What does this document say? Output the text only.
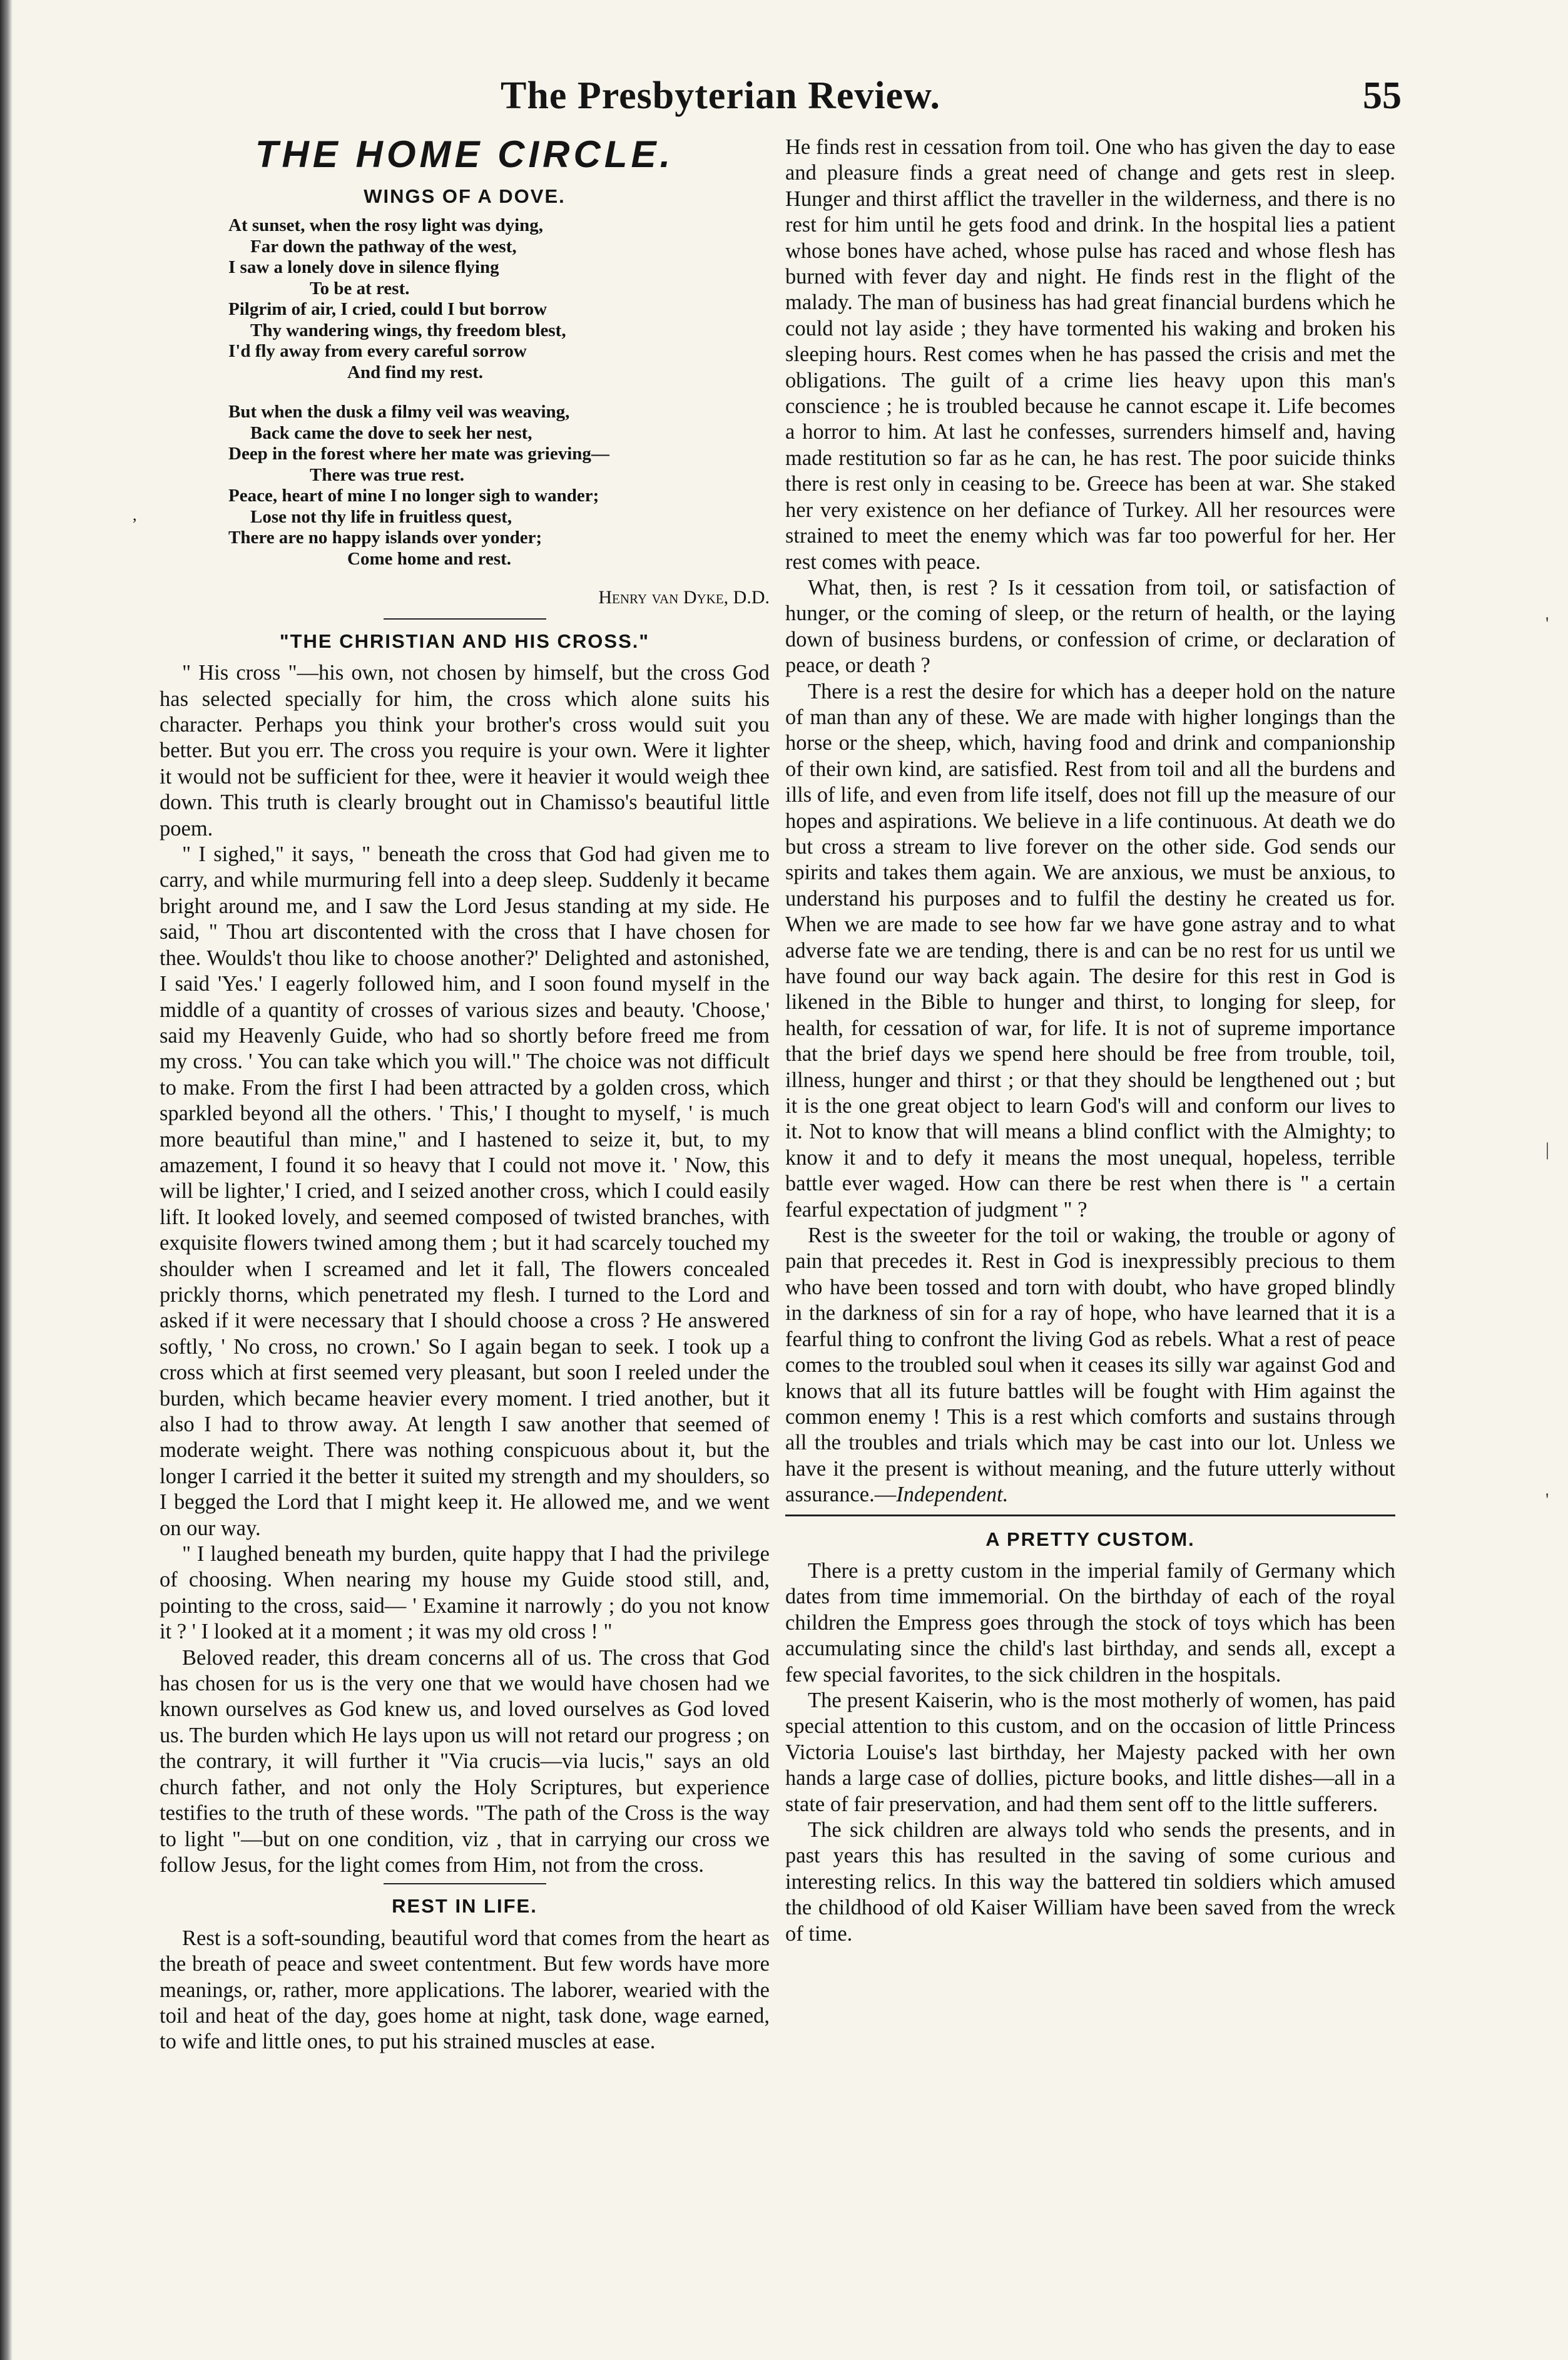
The Presbyterian Review.	55
,
THE HOME CIRCLE.
WINGS OF A DOVE.
At sunset, when the rosy light was dying,
Far down the pathway of the west,
I saw a lonely dove in silence flying
To be at rest.
Pilgrim of air, I cried, could I but borrow
Thy wandering wings, thy freedom blest,
I'd fly away from every careful sorrow
And find my rest.
But when the dusk a filmy veil was weaving,
Back came the dove to seek her nest,
Deep in the forest where her mate was grieving—
There was true rest.
Peace, heart of mine I no longer sigh to wander;
Lose not thy life in fruitless quest,
There are no happy islands over yonder;
Come home and rest.
Henry van Dyke, D.D.
"THE CHRISTIAN AND HIS CROSS."

" His cross "—his own, not chosen by himself, but the cross God has selected specially for him, the cross which alone suits his character. Perhaps you think your brother's cross would suit you better. But you err. The cross you require is your own. Were it lighter it would not be sufficient for thee, were it heavier it would weigh thee down. This truth is clearly brought out in Chamisso's beautiful little poem.

" I sighed," it says, " beneath the cross that God had given me to carry, and while murmuring fell into a deep sleep. Suddenly it became bright around me, and I saw the Lord Jesus standing at my side. He said, " Thou art discontented with the cross that I have chosen for thee. Woulds't thou like to choose another?' Delighted and astonished, I said 'Yes.' I eagerly followed him, and I soon found myself in the middle of a quantity of crosses of various sizes and beauty. 'Choose,' said my Heavenly Guide, who had so shortly before freed me from my cross. ' You can take which you will." The choice was not difficult to make. From the first I had been attracted by a golden cross, which sparkled beyond all the others. ' This,' I thought to myself, ' is much more beautiful than mine," and I hastened to seize it, but, to my amazement, I found it so heavy that I could not move it. ' Now, this will be lighter,' I cried, and I seized another cross, which I could easily lift. It looked lovely, and seemed composed of twisted branches, with exquisite flowers twined among them ; but it had scarcely touched my shoulder when I screamed and let it fall, The flowers concealed prickly thorns, which penetrated my flesh. I turned to the Lord and asked if it were necessary that I should choose a cross ? He answered softly, ' No cross, no crown.' So I again began to seek. I took up a cross which at first seemed very pleasant, but soon I reeled under the burden, which became heavier every moment. I tried another, but it also I had to throw away. At length I saw another that seemed of moderate weight. There was nothing conspicuous about it, but the longer I carried it the better it suited my strength and my shoulders, so I begged the Lord that I might keep it. He allowed me, and we went on our way.

" I laughed beneath my burden, quite happy that I had the privilege of choosing. When nearing my house my Guide stood still, and, pointing to the cross, said— ' Examine it narrowly ; do you not know it ? ' I looked at it a moment ; it was my old cross ! "

Beloved reader, this dream concerns all of us. The cross that God has chosen for us is the very one that we would have chosen had we known ourselves as God knew us, and loved ourselves as God loved us. The burden which He lays upon us will not retard our progress ; on the contrary, it will further it "Via crucis—via lucis," says an old church father, and not only the Holy Scriptures, but experience testifies to the truth of these words. "The path of the Cross is the way to light "—but on one condition, viz , that in carrying our cross we follow Jesus, for the light comes from Him, not from the cross.

REST IN LIFE.

Rest is a soft-sounding, beautiful word that comes from the heart as the breath of peace and sweet contentment. But few words have more meanings, or, rather, more applications. The laborer, wearied with the toil and heat of the day, goes home at night, task done, wage earned, to wife and little ones, to put his strained muscles at ease.

He finds rest in cessation from toil. One who has given the day to ease and pleasure finds a great need of change and gets rest in sleep. Hunger and thirst afflict the traveller in the wilderness, and there is no rest for him until he gets food and drink. In the hospital lies a patient whose bones have ached, whose pulse has raced and whose flesh has burned with fever day and night. He finds rest in the flight of the malady. The man of business has had great financial burdens which he could not lay aside ; they have tormented his waking and broken his sleeping hours. Rest comes when he has passed the crisis and met the obligations. The guilt of a crime lies heavy upon this man's conscience ; he is troubled because he cannot escape it. Life becomes a horror to him. At last he confesses, surrenders himself and, having made restitution so far as he can, he has rest. The poor suicide thinks there is rest only in ceasing to be. Greece has been at war. She staked her very existence on her defiance of Turkey. All her resources were strained to meet the enemy which was far too powerful for her. Her rest comes with peace.

What, then, is rest ? Is it cessation from toil, or satisfaction of hunger, or the coming of sleep, or the return of health, or the laying down of business burdens, or confession of crime, or declaration of peace, or death ?

There is a rest the desire for which has a deeper hold on the nature of man than any of these. We are made with higher longings than the horse or the sheep, which, having food and drink and companionship of their own kind, are satisfied. Rest from toil and all the burdens and ills of life, and even from life itself, does not fill up the measure of our hopes and aspirations. We believe in a life continuous. At death we do but cross a stream to live forever on the other side. God sends our spirits and takes them again. We are anxious, we must be anxious, to understand his purposes and to fulfil the destiny he created us for. When we are made to see how far we have gone astray and to what adverse fate we are tending, there is and can be no rest for us until we have found our way back again. The desire for this rest in God is likened in the Bible to hunger and thirst, to longing for sleep, for health, for cessation of war, for life. It is not of supreme importance that the brief days we spend here should be free from trouble, toil, illness, hunger and thirst ; or that they should be lengthened out ; but it is the one great object to learn God's will and conform our lives to it. Not to know that will means a blind conflict with the Almighty; to know it and to defy it means the most unequal, hopeless, terrible battle ever waged. How can there be rest when there is " a certain fearful expectation of judgment " ?

Rest is the sweeter for the toil or waking, the trouble or agony of pain that precedes it. Rest in God is inexpressibly precious to them who have been tossed and torn with doubt, who have groped blindly in the darkness of sin for a ray of hope, who have learned that it is a fearful thing to confront the living God as rebels. What a rest of peace comes to the troubled soul when it ceases its silly war against God and knows that all its future battles will be fought with Him against the common enemy ! This is a rest which comforts and sustains through all the troubles and trials which may be cast into our lot. Unless we have it the present is without meaning, and the future utterly without assurance.—Independent.

A PRETTY CUSTOM.

There is a pretty custom in the imperial family of Germany which dates from time immemorial. On the birthday of each of the royal children the Empress goes through the stock of toys which has been accumulating since the child's last birthday, and sends all, except a few special favorites, to the sick children in the hospitals.

The present Kaiserin, who is the most motherly of women, has paid special attention to this custom, and on the occasion of little Princess Victoria Louise's last birthday, her Majesty packed with her own hands a large case of dollies, picture books, and little dishes—all in a state of fair preservation, and had them sent off to the little sufferers.

The sick children are always told who sends the presents, and in past years this has resulted in the saving of some curious and interesting relics. In this way the battered tin soldiers which amused the childhood of old Kaiser William have been saved from the wreck of time.

'
|
'
